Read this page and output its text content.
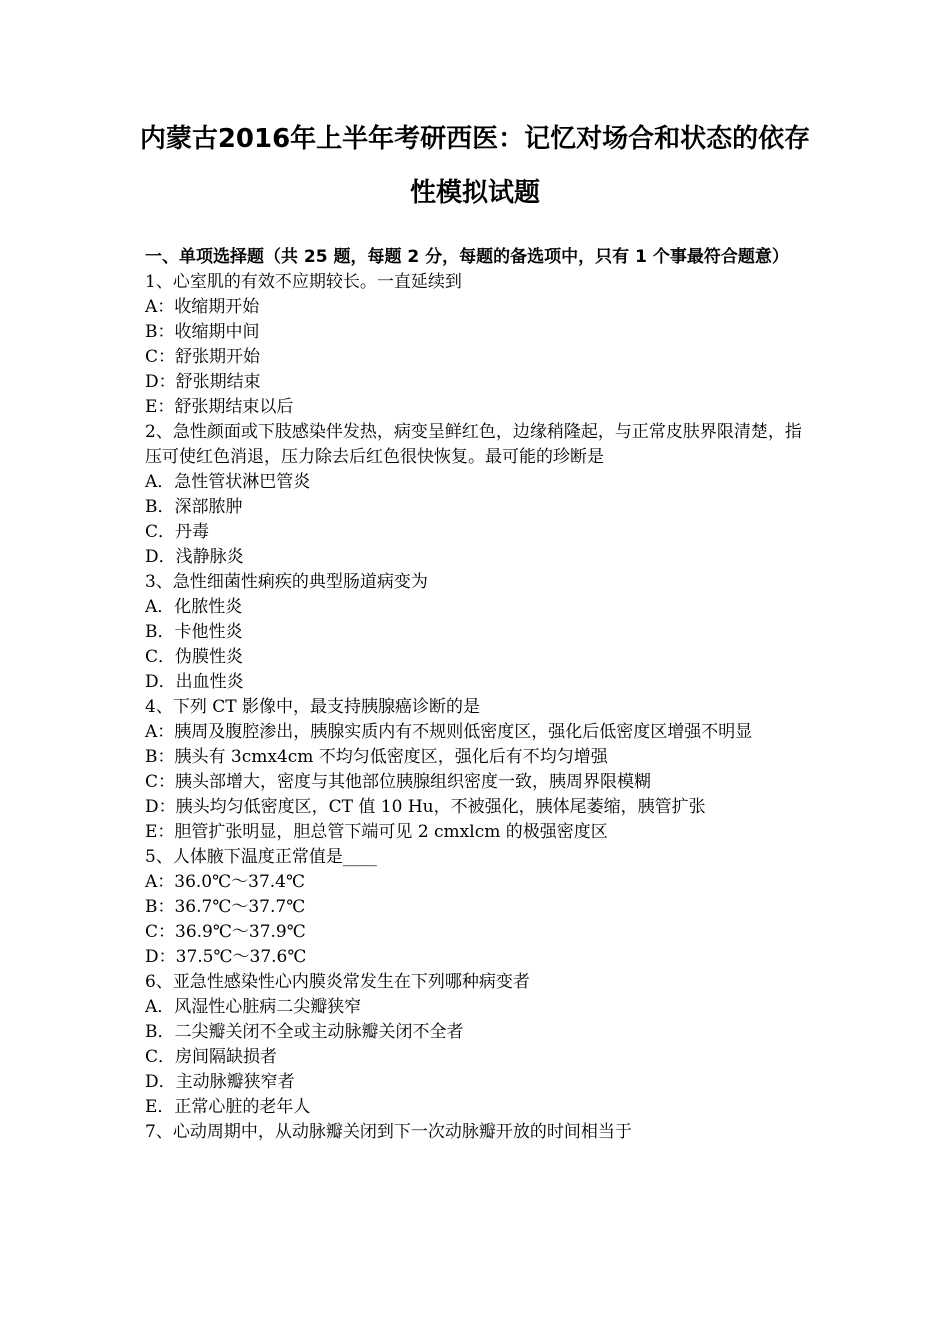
内蒙古2016年上半年考研西医：记忆对场合和状态的依存
性模拟试题
一、单项选择题（共 25 题，每题 2 分，每题的备选项中，只有 1 个事最符合题意）
1、心室肌的有效不应期较长。一直延续到
A：收缩期开始
B：收缩期中间
C：舒张期开始
D：舒张期结束
E：舒张期结束以后
2、急性颜面或下肢感染伴发热，病变呈鲜红色，边缘稍隆起，与正常皮肤界限清楚，指压可使红色消退，压力除去后红色很快恢复。最可能的珍断是
A．急性管状淋巴管炎
B．深部脓肿
C．丹毒
D．浅静脉炎
3、急性细菌性痢疾的典型肠道病变为
A．化脓性炎
B．卡他性炎
C．伪膜性炎
D．出血性炎
4、下列 CT 影像中，最支持胰腺癌诊断的是
A：胰周及腹腔渗出，胰腺实质内有不规则低密度区，强化后低密度区增强不明显
B：胰头有 3cmx4cm 不均匀低密度区，强化后有不均匀增强
C：胰头部增大，密度与其他部位胰腺组织密度一致，胰周界限模糊
D：胰头均匀低密度区，CT 值 10 Hu，不被强化，胰体尾萎缩，胰管扩张
E：胆管扩张明显，胆总管下端可见 2 cmxlcm 的极强密度区
5、人体腋下温度正常值是____
A：36.0℃～37.4℃
B：36.7℃～37.7℃
C：36.9℃～37.9℃
D：37.5℃～37.6℃
6、亚急性感染性心内膜炎常发生在下列哪种病变者
A．风湿性心脏病二尖瓣狭窄
B．二尖瓣关闭不全或主动脉瓣关闭不全者
C．房间隔缺损者
D．主动脉瓣狭窄者
E．正常心脏的老年人
7、心动周期中，从动脉瓣关闭到下一次动脉瓣开放的时间相当于
